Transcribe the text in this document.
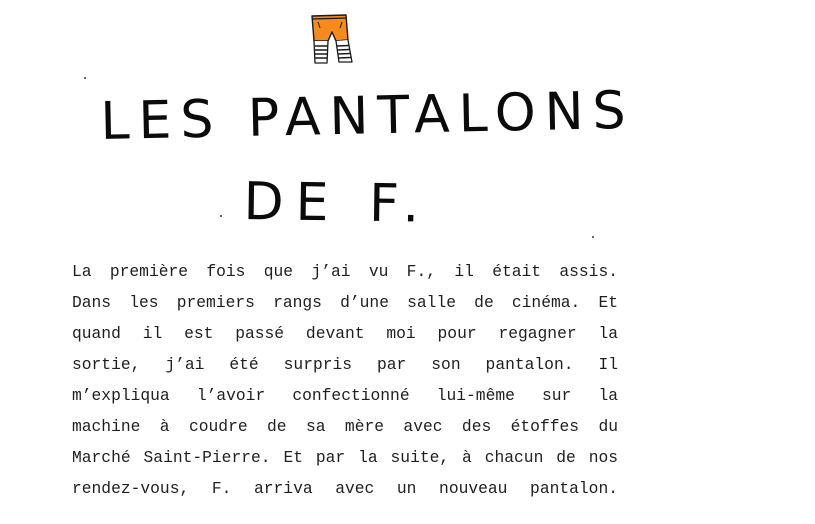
LES PANTALONS
DE F.

La première fois que j’ai vu F., il était assis.
Dans les premiers rangs d’une salle de cinéma. Et
quand il est passé devant moi pour regagner la
sortie, j’ai été surpris par son pantalon. Il
m’expliqua l’avoir confectionné lui-même sur la
machine à coudre de sa mère avec des étoffes du
Marché Saint-Pierre. Et par la suite, à chacun de nos
rendez-vous, F. arriva avec un nouveau pantalon.
